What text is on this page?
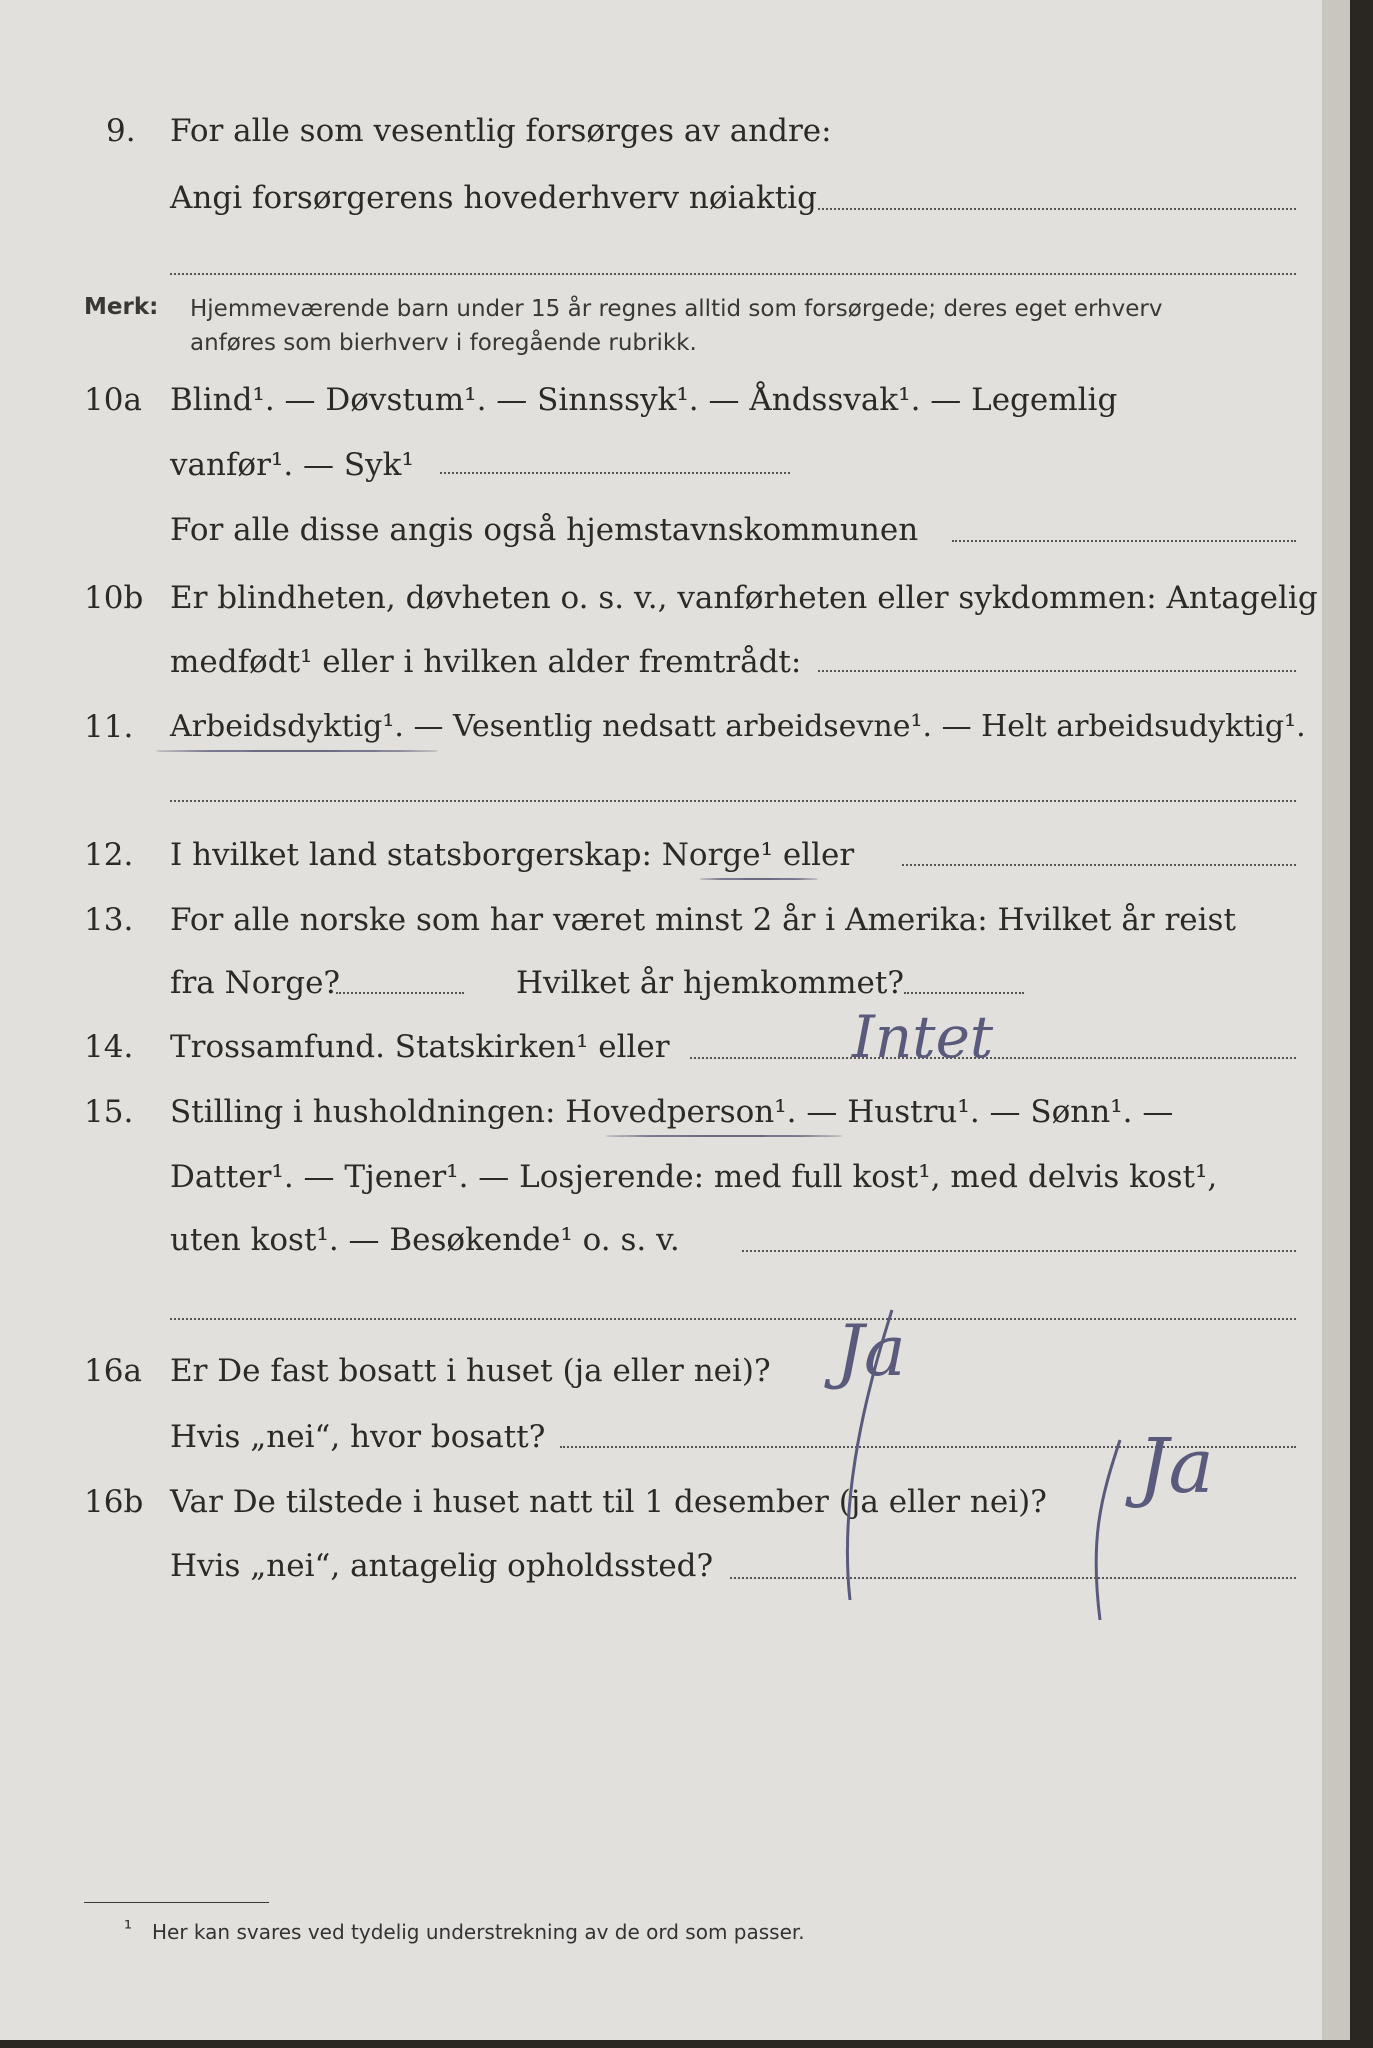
9. For alle som vesentlig forsørges av andre:
Angi forsørgerens hovederhverv nøiaktig
Merk: Hjemmeværende barn under 15 år regnes alltid som forsørgede; deres eget erhverv
anføres som bierhverv i foregående rubrikk.
10a Blind¹. — Døvstum¹. — Sinnssyk¹. — Åndssvak¹. — Legemlig
vanfør¹. — Syk¹
For alle disse angis også hjemstavnskommunen
10b Er blindheten, døvheten o. s. v., vanførheten eller sykdommen: Antagelig
medfødt¹ eller i hvilken alder fremtrådt:
11. Arbeidsdyktig¹. — Vesentlig nedsatt arbeidsevne¹. — Helt arbeidsudyktig¹.
12. I hvilket land statsborgerskap: Norge¹ eller
13. For alle norske som har været minst 2 år i Amerika: Hvilket år reist
fra Norge?	Hvilket år hjemkommet?
14. Trossamfund. Statskirken¹ eller	Intet
15. Stilling i husholdningen: Hovedperson¹. — Hustru¹. — Sønn¹. —
Datter¹. — Tjener¹. — Losjerende: med full kost¹, med delvis kost¹,
uten kost¹. — Besøkende¹ o. s. v.
16a Er De fast bosatt i huset (ja eller nei)? Ja
Hvis „nei“, hvor bosatt?
16b Var De tilstede i huset natt til 1 desember (ja eller nei)? Ja
Hvis „nei“, antagelig opholdssted?
¹ Her kan svares ved tydelig understrekning av de ord som passer.
